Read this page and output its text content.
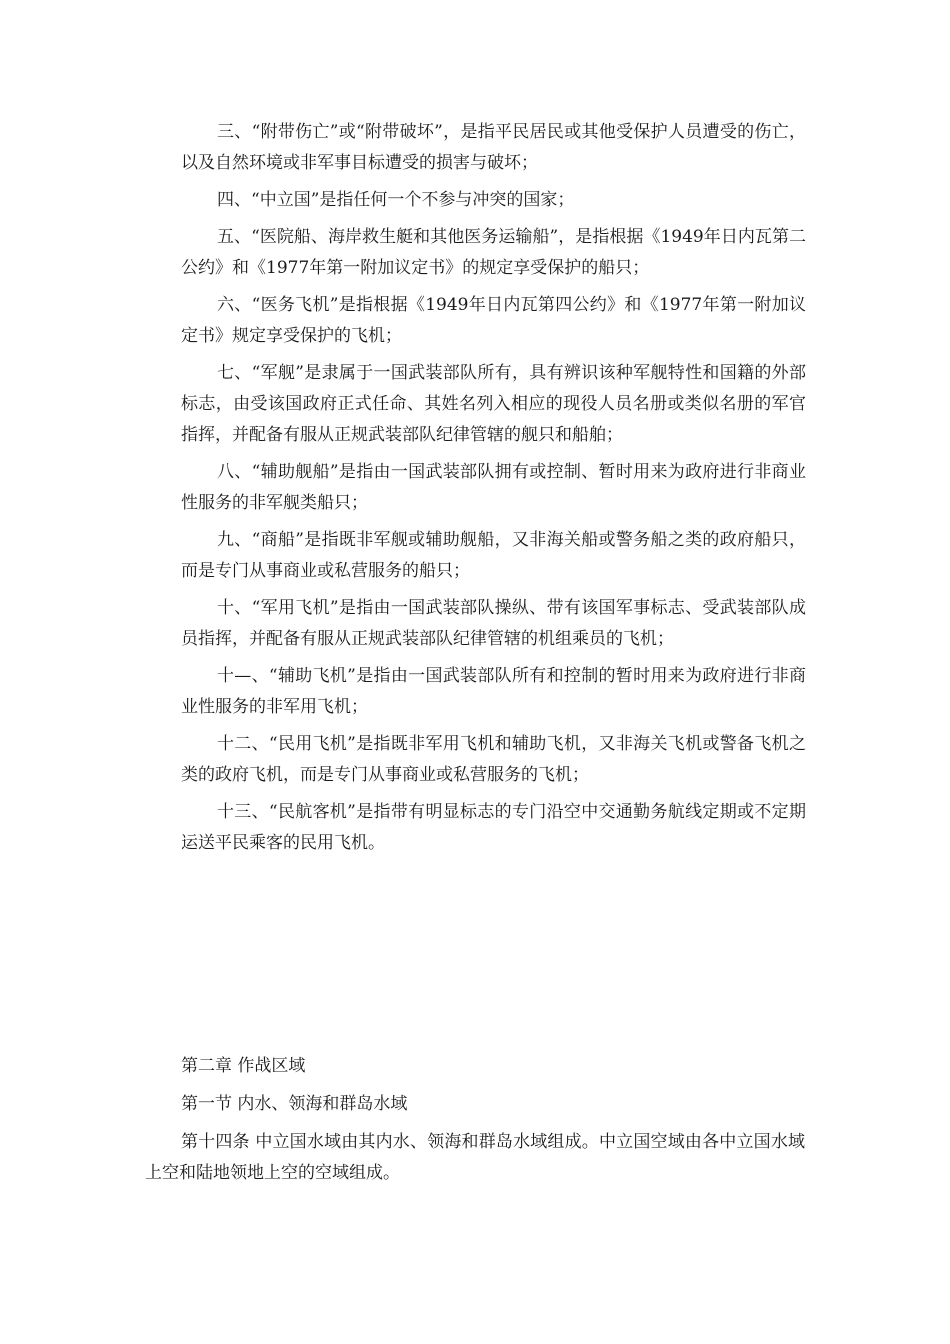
三、“附带伤亡”或“附带破坏”，是指平民居民或其他受保护人员遭受的伤亡，以及自然环境或非军事目标遭受的损害与破坏；

四、“中立国”是指任何一个不参与冲突的国家；

五、“医院船、海岸救生艇和其他医务运输船”，是指根据《1949年日内瓦第二公约》和《1977年第一附加议定书》的规定享受保护的船只；

六、“医务飞机”是指根据《1949年日内瓦第四公约》和《1977年第一附加议定书》规定享受保护的飞机；

七、“军舰”是隶属于一国武装部队所有，具有辨识该种军舰特性和国籍的外部标志，由受该国政府正式任命、其姓名列入相应的现役人员名册或类似名册的军官指挥，并配备有服从正规武装部队纪律管辖的舰只和船舶；

八、“辅助舰船”是指由一国武装部队拥有或控制、暂时用来为政府进行非商业性服务的非军舰类船只；

九、“商船”是指既非军舰或辅助舰船，又非海关船或警务船之类的政府船只，而是专门从事商业或私营服务的船只；

十、“军用飞机”是指由一国武装部队操纵、带有该国军事标志、受武装部队成员指挥，并配备有服从正规武装部队纪律管辖的机组乘员的飞机；

十—、“辅助飞机”是指由一国武装部队所有和控制的暂时用来为政府进行非商业性服务的非军用飞机；

十二、“民用飞机”是指既非军用飞机和辅助飞机，又非海关飞机或警备飞机之类的政府飞机，而是专门从事商业或私营服务的飞机；

十三、“民航客机”是指带有明显标志的专门沿空中交通勤务航线定期或不定期运送平民乘客的民用飞机。

第二章 作战区域

第一节 内水、领海和群岛水域

第十四条 中立国水域由其内水、领海和群岛水域组成。中立国空域由各中立国水域上空和陆地领地上空的空域组成。
